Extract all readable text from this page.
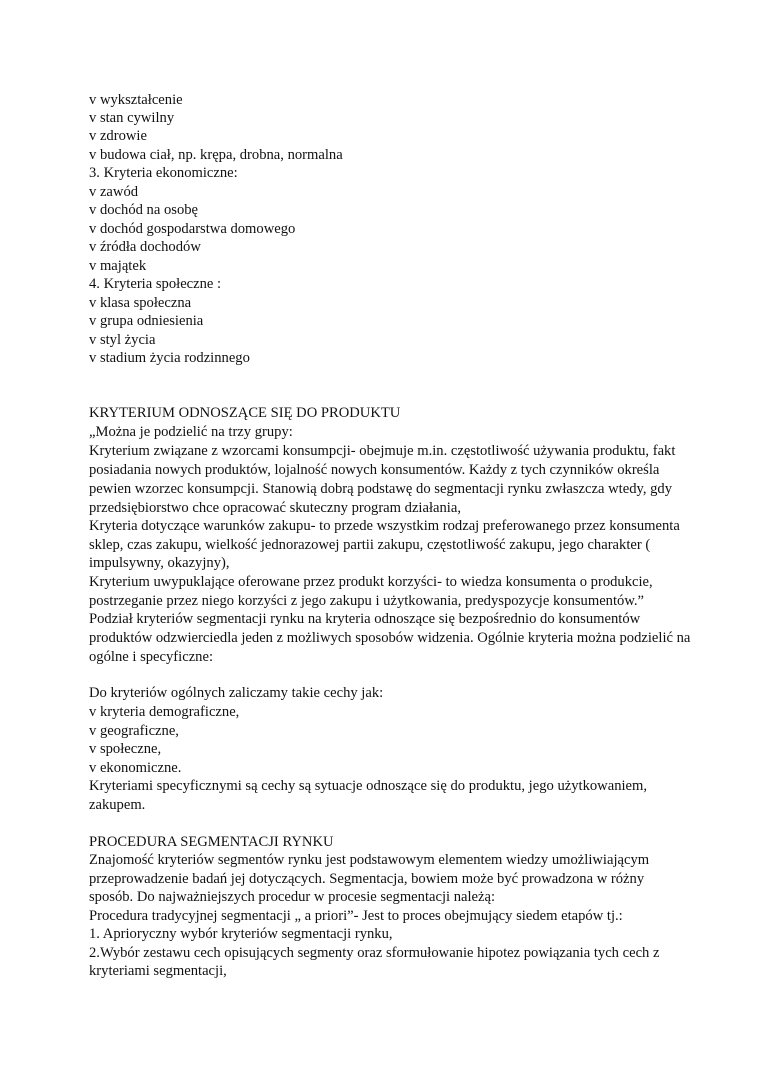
v wykształcenie

v stan cywilny

v zdrowie

v budowa ciał, np. krępa, drobna, normalna

3. Kryteria ekonomiczne:

v zawód

v dochód na osobę

v dochód gospodarstwa domowego

v źródła dochodów

v majątek

4. Kryteria społeczne :

v klasa społeczna

v grupa odniesienia

v styl życia

v stadium życia rodzinnego

KRYTERIUM ODNOSZĄCE SIĘ DO PRODUKTU

„Można je podzielić na trzy grupy:

Kryterium związane z wzorcami konsumpcji- obejmuje m.in. częstotliwość używania produktu, fakt

posiadania nowych produktów, lojalność nowych konsumentów. Każdy z tych czynników określa

pewien wzorzec konsumpcji. Stanowią dobrą podstawę do segmentacji rynku zwłaszcza wtedy, gdy

przedsiębiorstwo chce opracować skuteczny program działania,

Kryteria dotyczące warunków zakupu- to przede wszystkim rodzaj preferowanego przez konsumenta

sklep, czas zakupu, wielkość jednorazowej partii zakupu, częstotliwość zakupu, jego charakter (

impulsywny, okazyjny),

Kryterium uwypuklające oferowane przez produkt korzyści- to wiedza konsumenta o produkcie,

postrzeganie przez niego korzyści z jego zakupu i użytkowania, predyspozycje konsumentów.”

Podział kryteriów segmentacji rynku na kryteria odnoszące się bezpośrednio do konsumentów

produktów odzwierciedla jeden z możliwych sposobów widzenia. Ogólnie kryteria można podzielić na

ogólne i specyficzne:

Do kryteriów ogólnych zaliczamy takie cechy jak:

v kryteria demograficzne,

v geograficzne,

v społeczne,

v ekonomiczne.

Kryteriami specyficznymi są cechy są sytuacje odnoszące się do produktu, jego użytkowaniem,

zakupem.

PROCEDURA SEGMENTACJI RYNKU

Znajomość kryteriów segmentów rynku jest podstawowym elementem wiedzy umożliwiającym

przeprowadzenie badań jej dotyczących. Segmentacja, bowiem może być prowadzona w różny

sposób. Do najważniejszych procedur w procesie segmentacji należą:

Procedura tradycyjnej segmentacji „ a priori”- Jest to proces obejmujący siedem etapów tj.:

1. Aprioryczny wybór kryteriów segmentacji rynku,

2.Wybór zestawu cech opisujących segmenty oraz sformułowanie hipotez powiązania tych cech z

kryteriami segmentacji,
